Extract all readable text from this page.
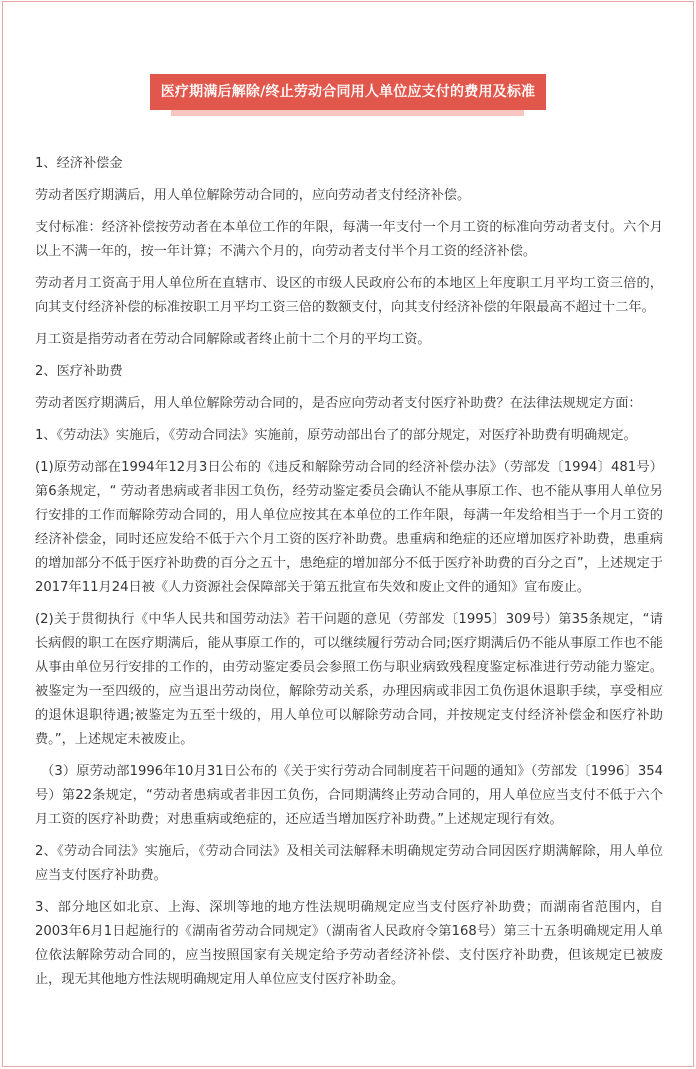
医疗期满后解除/终止劳动合同用人单位应支付的费用及标准

1、经济补偿金

劳动者医疗期满后，用人单位解除劳动合同的，应向劳动者支付经济补偿。

支付标准：经济补偿按劳动者在本单位工作的年限，每满一年支付一个月工资的标准向劳动者支付。六个月以上不满一年的，按一年计算；不满六个月的，向劳动者支付半个月工资的经济补偿。

劳动者月工资高于用人单位所在直辖市、设区的市级人民政府公布的本地区上年度职工月平均工资三倍的，向其支付经济补偿的标准按职工月平均工资三倍的数额支付，向其支付经济补偿的年限最高不超过十二年。

月工资是指劳动者在劳动合同解除或者终止前十二个月的平均工资。

2、医疗补助费

劳动者医疗期满后，用人单位解除劳动合同的，是否应向劳动者支付医疗补助费？在法律法规规定方面：

1、《劳动法》实施后，《劳动合同法》实施前，原劳动部出台了的部分规定，对医疗补助费有明确规定。

(1)原劳动部在1994年12月3日公布的《违反和解除劳动合同的经济补偿办法》（劳部发〔1994〕481号）第6条规定，“ 劳动者患病或者非因工负伤，经劳动鉴定委员会确认不能从事原工作、也不能从事用人单位另行安排的工作而解除劳动合同的，用人单位应按其在本单位的工作年限，每满一年发给相当于一个月工资的经济补偿金，同时还应发给不低于六个月工资的医疗补助费。患重病和绝症的还应增加医疗补助费，患重病的增加部分不低于医疗补助费的百分之五十，患绝症的增加部分不低于医疗补助费的百分之百”，上述规定于2017年11月24日被《人力资源社会保障部关于第五批宣布失效和废止文件的通知》宣布废止。

(2)关于贯彻执行《中华人民共和国劳动法》若干问题的意见（劳部发〔1995〕309号）第35条规定，“请长病假的职工在医疗期满后，能从事原工作的，可以继续履行劳动合同;医疗期满后仍不能从事原工作也不能从事由单位另行安排的工作的，由劳动鉴定委员会参照工伤与职业病致残程度鉴定标准进行劳动能力鉴定。被鉴定为一至四级的，应当退出劳动岗位，解除劳动关系，办理因病或非因工负伤退休退职手续，享受相应的退休退职待遇;被鉴定为五至十级的，用人单位可以解除劳动合同，并按规定支付经济补偿金和医疗补助费。”，上述规定未被废止。

（3）原劳动部1996年10月31日公布的《关于实行劳动合同制度若干问题的通知》（劳部发〔1996〕354号）第22条规定，“劳动者患病或者非因工负伤，合同期满终止劳动合同的，用人单位应当支付不低于六个月工资的医疗补助费；对患重病或绝症的，还应适当增加医疗补助费。”上述规定现行有效。

2、《劳动合同法》实施后，《劳动合同法》及相关司法解释未明确规定劳动合同因医疗期满解除，用人单位应当支付医疗补助费。

3、部分地区如北京、上海、深圳等地的地方性法规明确规定应当支付医疗补助费；而湖南省范围内，自2003年6月1日起施行的《湖南省劳动合同规定》（湖南省人民政府令第168号）第三十五条明确规定用人单位依法解除劳动合同的，应当按照国家有关规定给予劳动者经济补偿、支付医疗补助费，但该规定已被废止，现无其他地方性法规明确规定用人单位应支付医疗补助金。
